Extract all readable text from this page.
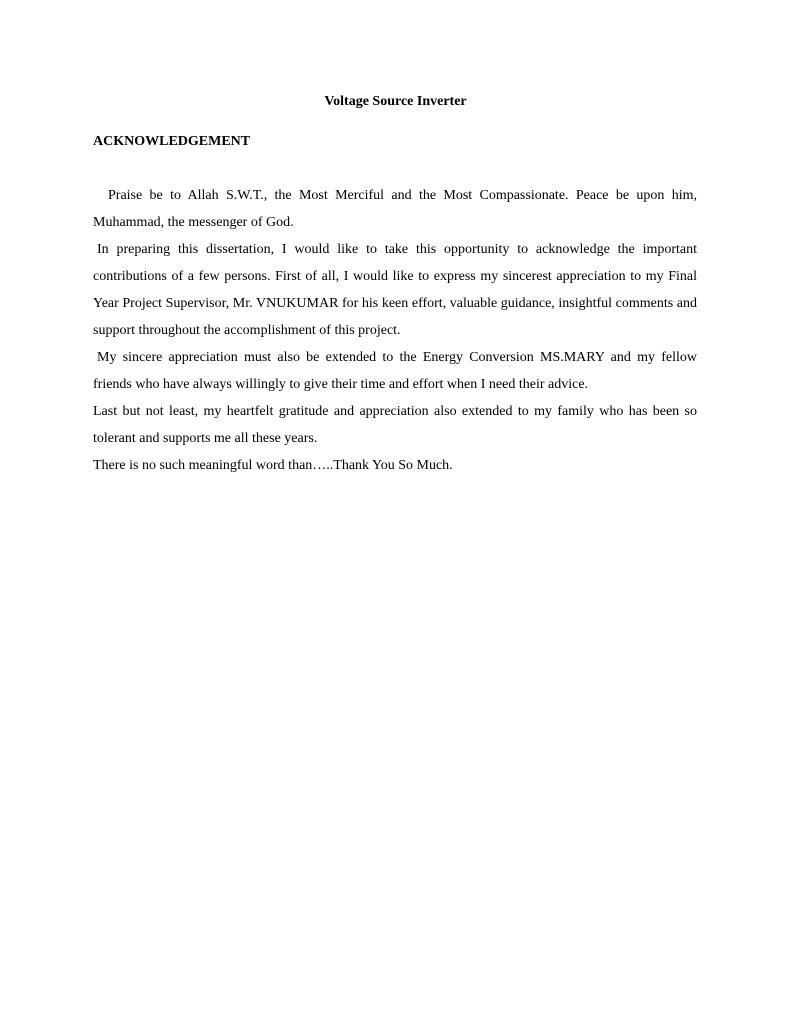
Voltage Source Inverter
ACKNOWLEDGEMENT

Praise be to Allah S.W.T., the Most Merciful and the Most Compassionate. Peace be upon him, Muhammad, the messenger of God.

In preparing this dissertation, I would like to take this opportunity to acknowledge the important contributions of a few persons. First of all, I would like to express my sincerest appreciation to my Final Year Project Supervisor, Mr. VNUKUMAR for his keen effort, valuable guidance, insightful comments and support throughout the accomplishment of this project.

My sincere appreciation must also be extended to the Energy Conversion MS.MARY and my fellow friends who have always willingly to give their time and effort when I need their advice.

Last but not least, my heartfelt gratitude and appreciation also extended to my family who has been so tolerant and supports me all these years.

There is no such meaningful word than…..Thank You So Much.
